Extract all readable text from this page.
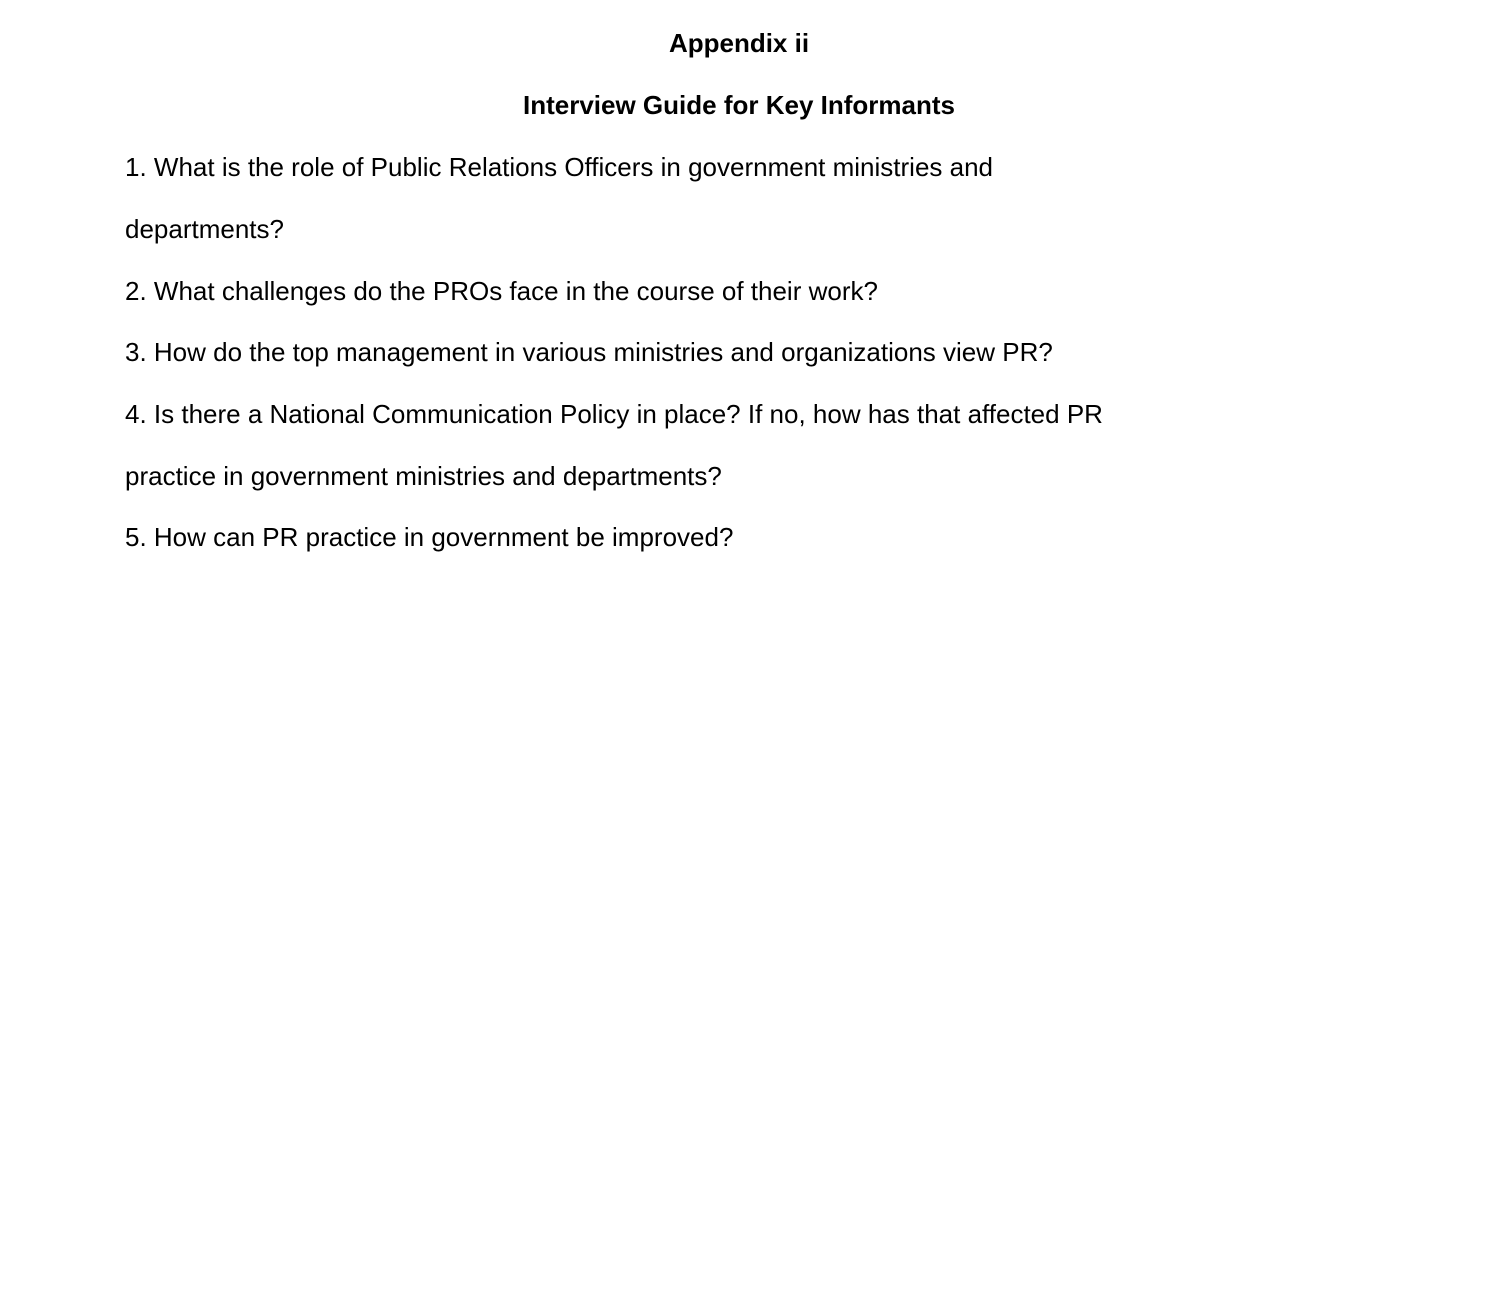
Appendix ii
Interview Guide for Key Informants

1. What is the role of Public Relations Officers in government ministries and

departments?

2. What challenges do the PROs face in the course of their work?

3. How do the top management in various ministries and organizations view PR?

4. Is there a National Communication Policy in place? If no, how has that affected PR

practice in government ministries and departments?

5. How can PR practice in government be improved?
